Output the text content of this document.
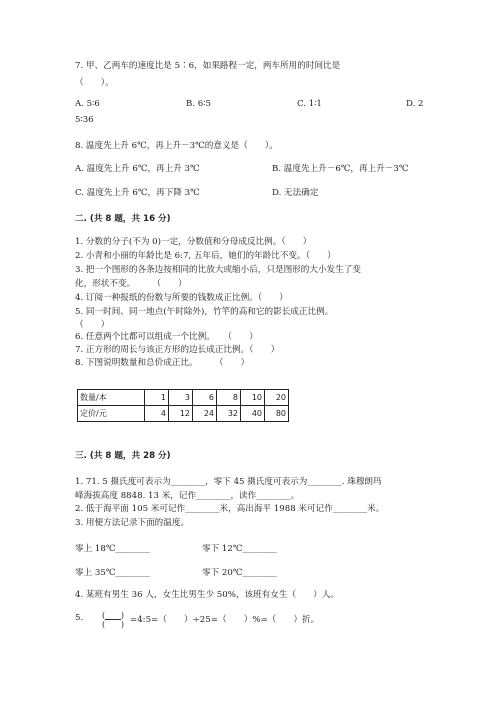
7. 甲、乙两车的速度比是 5∶6，如果路程一定，两车所用的时间比是
（　　）。
A. 5∶6	B. 6∶5	C. 1∶1	D. 2
5∶36
8. 温度先上升 6℃，再上升－3℃的意义是（　　）。
A. 温度先上升 6℃，再上升 3℃	B. 温度先上升－6℃，再上升－3℃
C. 温度先上升 6℃，再下降 3℃	D. 无法确定
二. (共 8 题，共 16 分)
1. 分数的分子(不为 0)一定，分数值和分母成反比例。（　　）
2. 小青和小丽的年龄比是 6:7, 五年后，她们的年龄比不变。（　　）
3. 把一个图形的各条边按相同的比放大或缩小后，只是图形的大小发生了变
化，形状不变。　　　（　　）
4. 订阅一种报纸的份数与所要的钱数成正比例。（　　）
5. 同一时间、同一地点(午时除外)，竹竿的高和它的影长成正比例。
（　　）
6. 任意两个比都可以组成一个比例。　　（　　）
7. 正方形的周长与该正方形的边长成正比例。（　　）
8. 下图说明数量和总价成正比。　　　（　　）
数量/本	1	3	6	8	10	20
定价/元	4	12	24	32	40	80
三. (共 8 题，共 28 分)
1. 71. 5 摄氏度可表示为________，零下 45 摄氏度可表示为________. 珠穆朗玛
峰海拔高度 8848. 13 米，记作________，读作________。
2. 低于海平面 105 米可记作________米，高出海平 1988 米可记作________米。
3. 用便方法记录下面的温度。
零上 18℃________	零下 12℃________
零上 35℃________	零下 20℃________
4. 某班有男生 36 人，女生比男生少 50%，该班有女生（　　）人。
5. ( )
( ) =4:5=（　　）÷25=（　　）%=（　　）折。
